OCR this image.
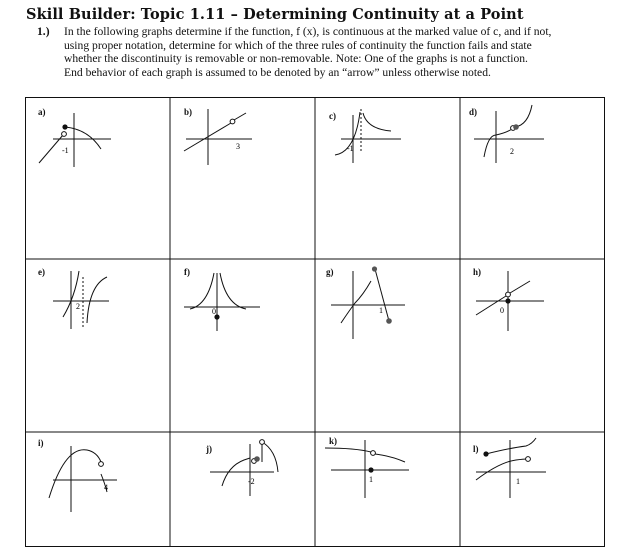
Skill Builder: Topic 1.11 – Determining Continuity at a Point
1.) In the following graphs determine if the function, f (x), is continuous at the marked value of c, and if not,
using proper notation, determine for which of the three rules of continuity the function fails and state
whether the discontinuity is removable or non-removable. Note: One of the graphs is not a function.
End behavior of each graph is assumed to be denoted by an “arrow” unless otherwise noted.
a)
-1
b)
3
c)
-1
d)
2
e)
2
f)
0
g)
1
h)
0
i)
4
j)
-2
k)
1
l)
1
